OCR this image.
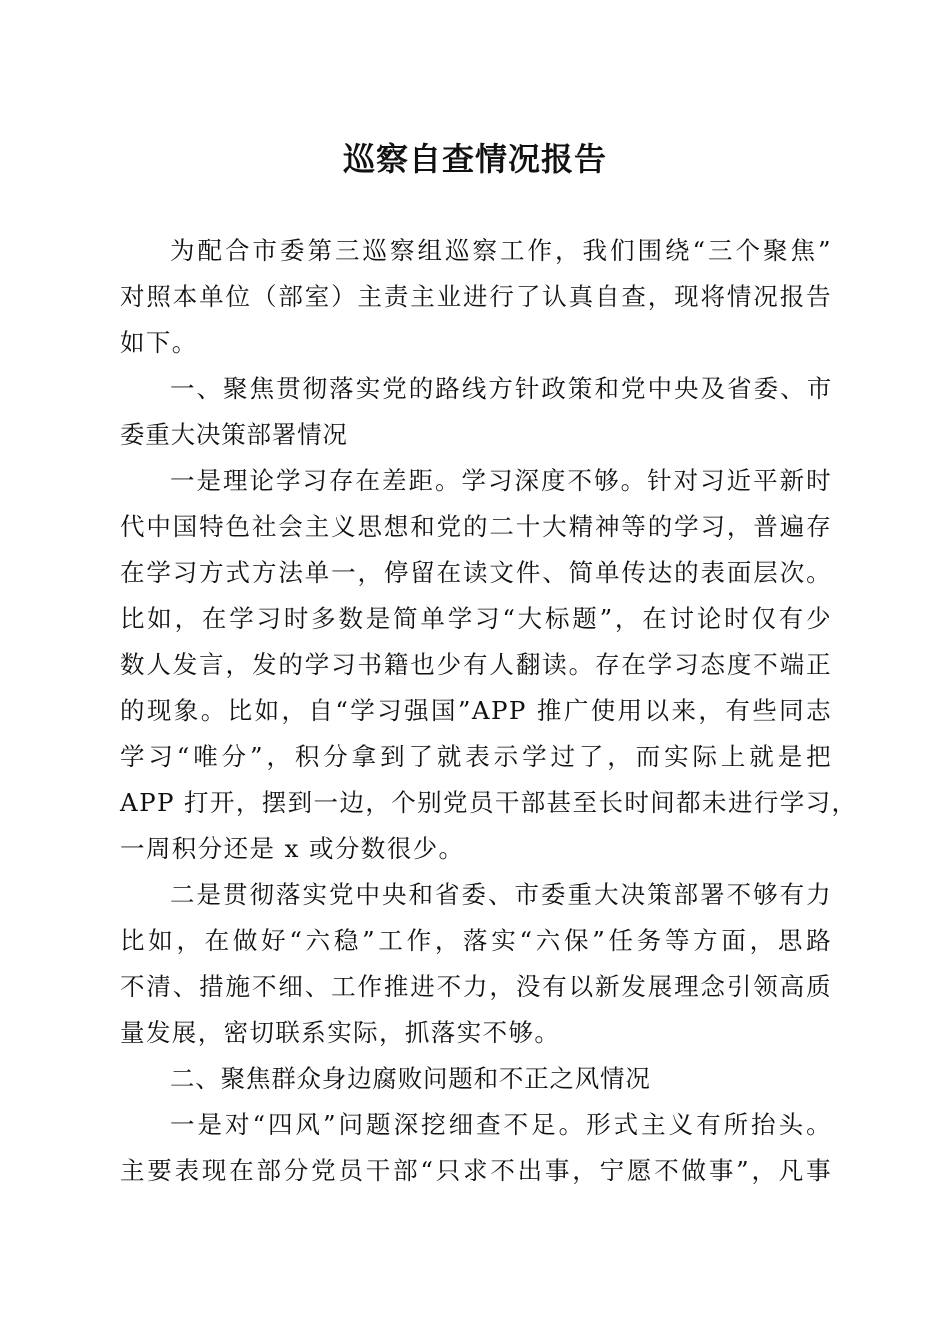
巡察自查情况报告

为配合市委第三巡察组巡察工作，我们围绕“三个聚焦”

对照本单位（部室）主责主业进行了认真自查，现将情况报告

如下。

一、聚焦贯彻落实党的路线方针政策和党中央及省委、市

委重大决策部署情况

一是理论学习存在差距。学习深度不够。针对习近平新时

代中国特色社会主义思想和党的二十大精神等的学习，普遍存

在学习方式方法单一，停留在读文件、简单传达的表面层次。

比如，在学习时多数是简单学习“大标题”，在讨论时仅有少

数人发言，发的学习书籍也少有人翻读。存在学习态度不端正

的现象。比如，自“学习强国”APP 推广使用以来，有些同志

学习“唯分”，积分拿到了就表示学过了，而实际上就是把

APP 打开，摆到一边，个别党员干部甚至长时间都未进行学习，

一周积分还是 x 或分数很少。

二是贯彻落实党中央和省委、市委重大决策部署不够有力

比如，在做好“六稳”工作，落实“六保”任务等方面，思路

不清、措施不细、工作推进不力，没有以新发展理念引领高质

量发展，密切联系实际，抓落实不够。

二、聚焦群众身边腐败问题和不正之风情况

一是对“四风”问题深挖细查不足。形式主义有所抬头。

主要表现在部分党员干部“只求不出事，宁愿不做事”，凡事
